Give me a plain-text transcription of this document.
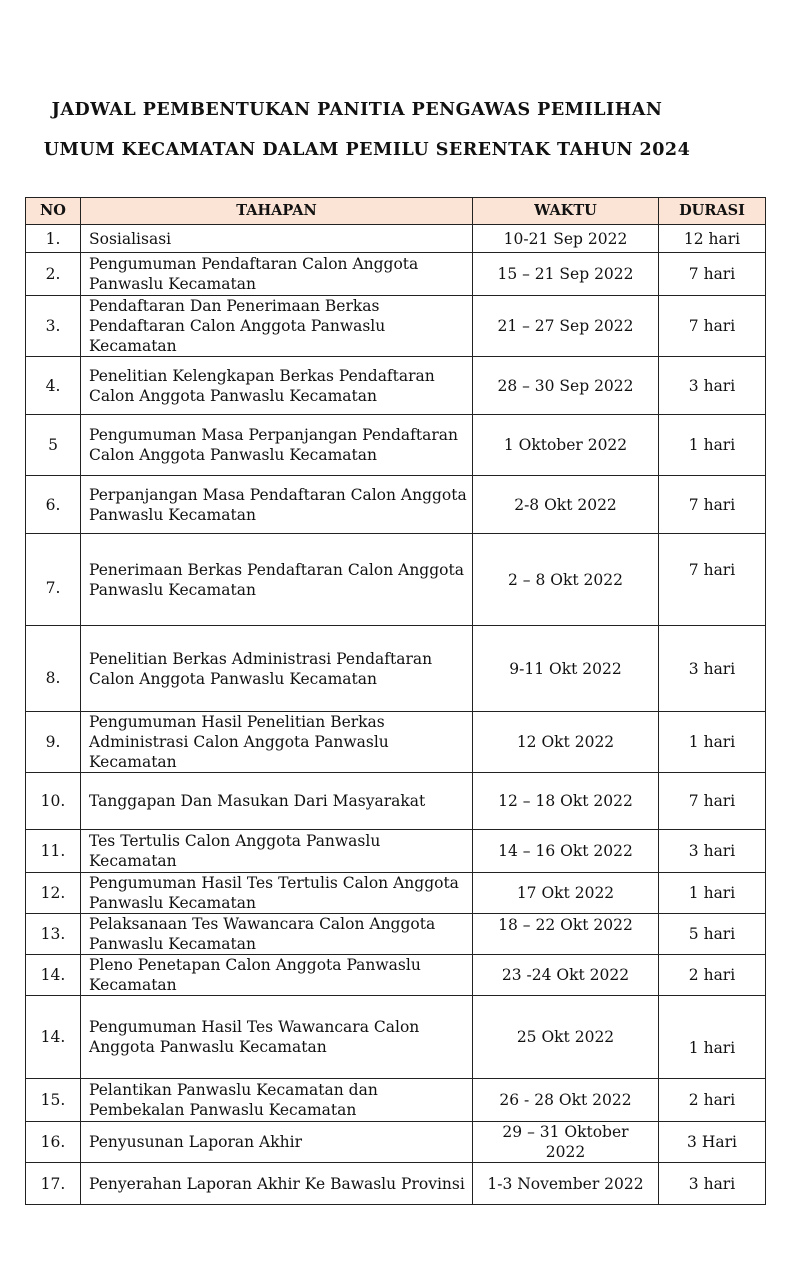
JADWAL PEMBENTUKAN PANITIA PENGAWAS PEMILIHAN
UMUM KECAMATAN DALAM PEMILU SERENTAK TAHUN 2024
NO	TAHAPAN	WAKTU	DURASI
1.	Sosialisasi	10-21 Sep 2022	12 hari
2.	Pengumuman Pendaftaran Calon Anggota Panwaslu Kecamatan	15 – 21 Sep 2022	7 hari
3.	Pendaftaran Dan Penerimaan Berkas Pendaftaran Calon Anggota Panwaslu Kecamatan	21 – 27 Sep 2022	7 hari
4.	Penelitian Kelengkapan Berkas Pendaftaran Calon Anggota Panwaslu Kecamatan	28 – 30 Sep 2022	3 hari
5	Pengumuman Masa Perpanjangan Pendaftaran Calon Anggota Panwaslu Kecamatan	1 Oktober 2022	1 hari
6.	Perpanjangan Masa Pendaftaran Calon Anggota Panwaslu Kecamatan	2-8 Okt 2022	7 hari
7.	Penerimaan Berkas Pendaftaran Calon Anggota Panwaslu Kecamatan	2 – 8 Okt 2022	7 hari
8.	Penelitian Berkas Administrasi Pendaftaran Calon Anggota Panwaslu Kecamatan	9-11 Okt 2022	3 hari
9.	Pengumuman Hasil Penelitian Berkas Administrasi Calon Anggota Panwaslu Kecamatan	12 Okt 2022	1 hari
10.	Tanggapan Dan Masukan Dari Masyarakat	12 – 18 Okt 2022	7 hari
11.	Tes Tertulis Calon Anggota Panwaslu Kecamatan	14 – 16 Okt 2022	3 hari
12.	Pengumuman Hasil Tes Tertulis Calon Anggota Panwaslu Kecamatan	17 Okt 2022	1 hari
13.	Pelaksanaan Tes Wawancara Calon Anggota Panwaslu Kecamatan	18 – 22 Okt 2022	5 hari
14.	Pleno Penetapan Calon Anggota Panwaslu Kecamatan	23 -24 Okt 2022	2 hari
14.	Pengumuman Hasil Tes Wawancara Calon Anggota Panwaslu Kecamatan	25 Okt 2022	1 hari
15.	Pelantikan Panwaslu Kecamatan dan Pembekalan Panwaslu Kecamatan	26 - 28 Okt 2022	2 hari
16.	Penyusunan Laporan Akhir	29 – 31 Oktober 2022	3 Hari
17.	Penyerahan Laporan Akhir Ke Bawaslu Provinsi	1-3 November 2022	3 hari
